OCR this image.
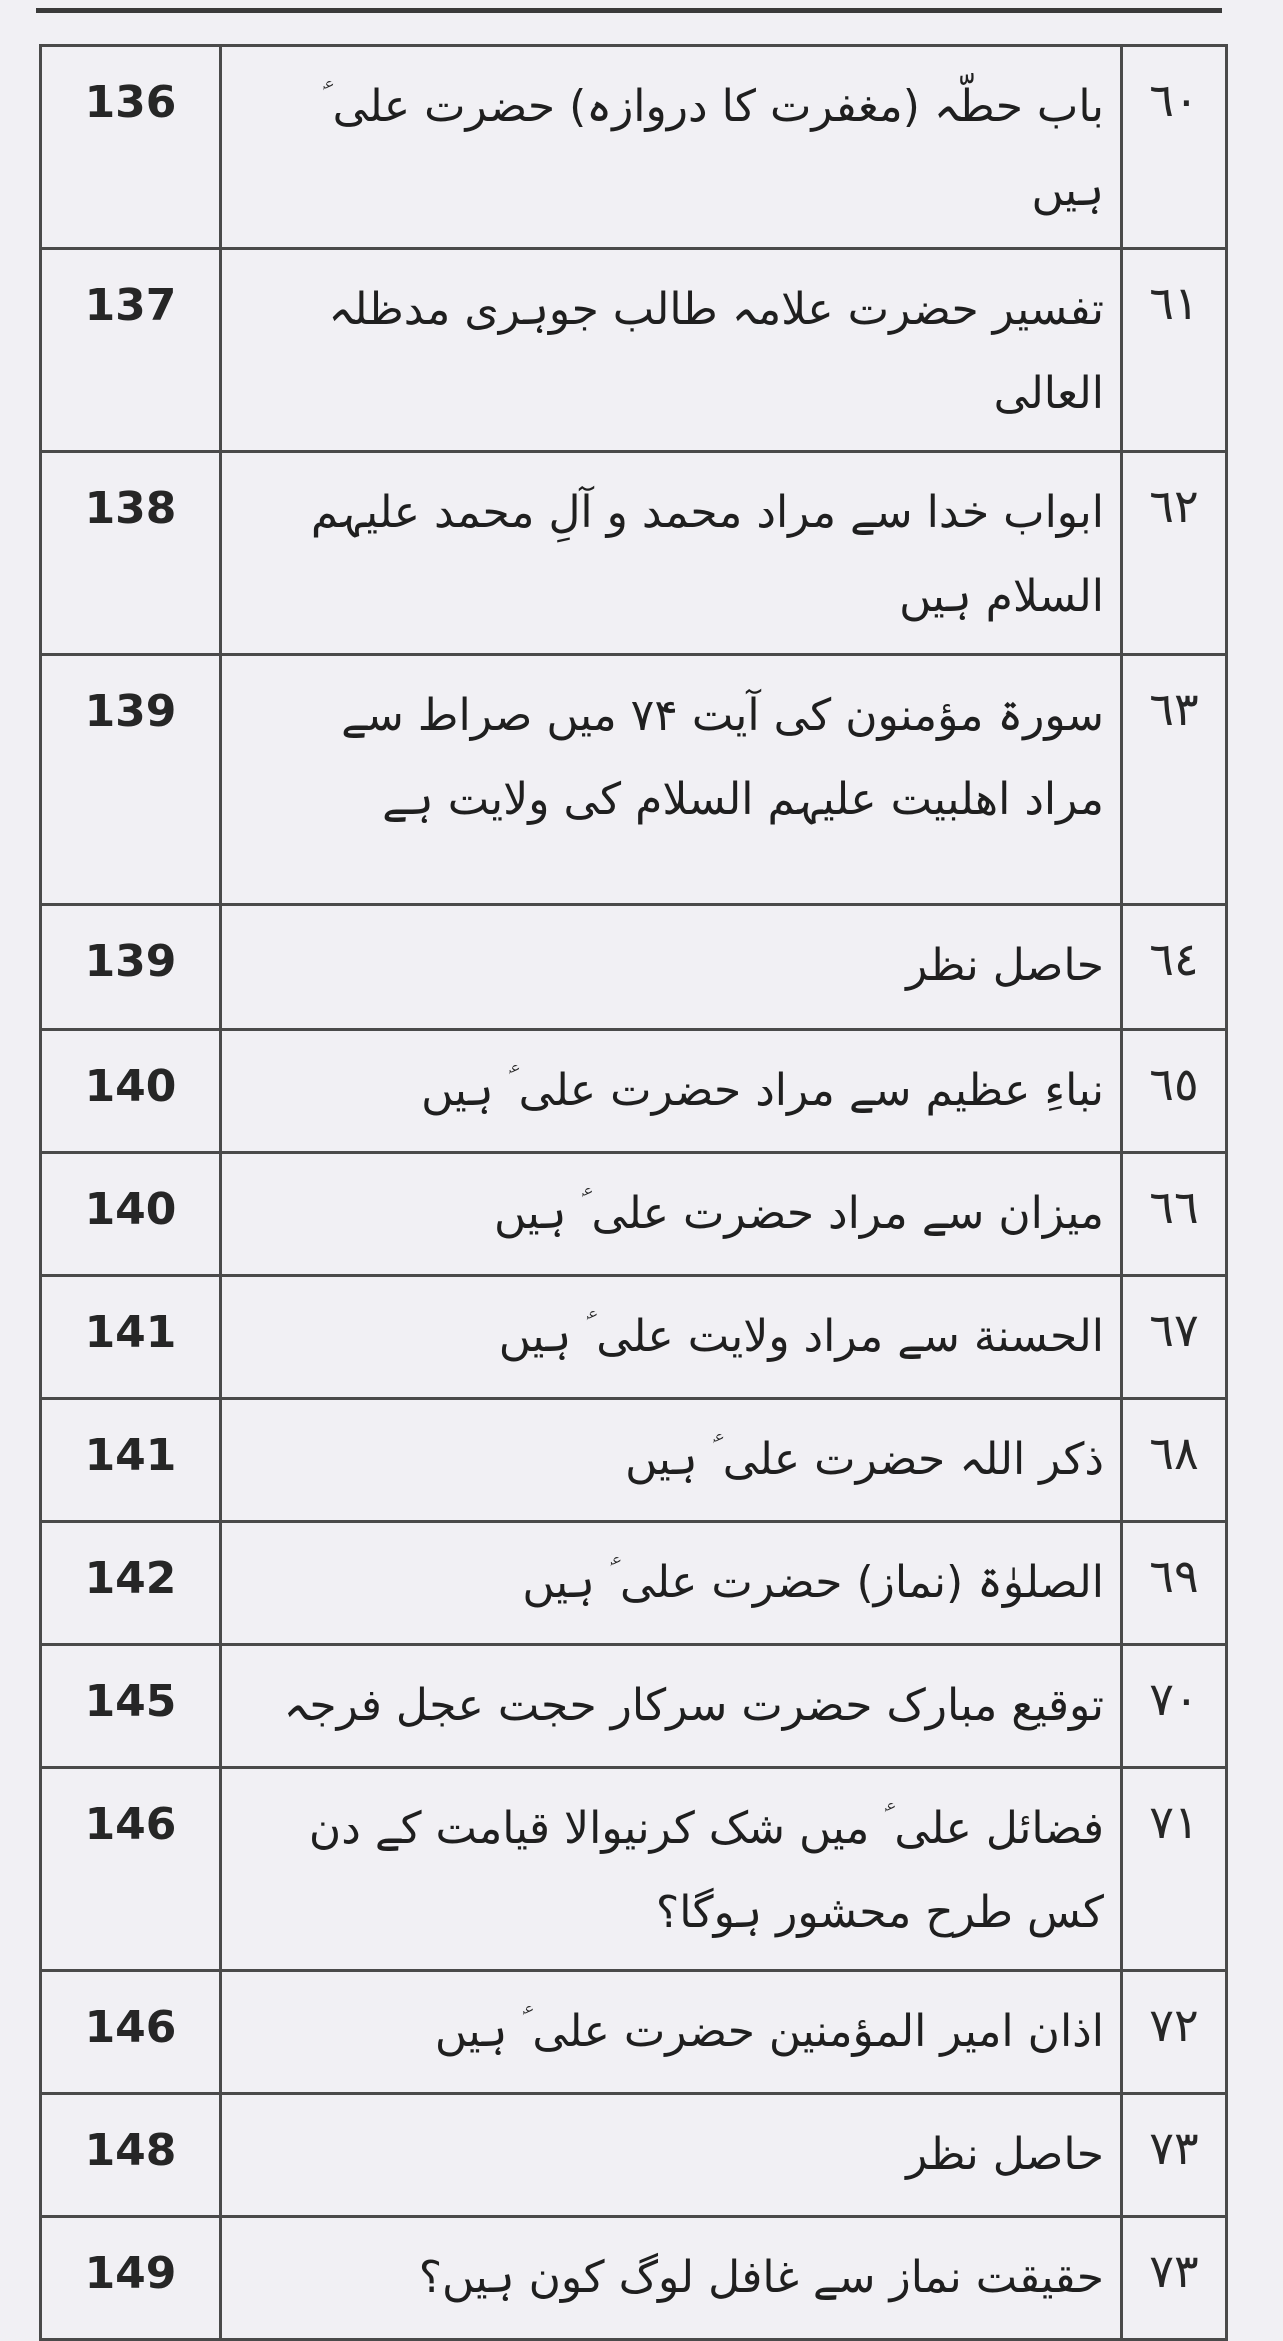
136	باب حطّہ (مغفرت کا دروازہ) حضرت علی ؑ ہیں	٦٠
137	تفسیر حضرت علامہ طالب جوہری مدظلہ العالی	٦١
138	ابواب خدا سے مراد محمد و آلِ محمد علیہم السلام ہیں	٦٢
139	سورۃ مؤمنون کی آیت ۷۴ میں صراط سے مراد اھلبیت علیہم السلام کی ولایت ہے	٦٣
139	حاصل نظر	٦٤
140	نباءِ عظیم سے مراد حضرت علی ؑ ہیں	٦٥
140	میزان سے مراد حضرت علی ؑ ہیں	٦٦
141	الحسنة سے مراد ولایت علی ؑ ہیں	٦٧
141	ذکر اللہ حضرت علی ؑ ہیں	٦٨
142	الصلوٰۃ (نماز) حضرت علی ؑ ہیں	٦٩
145	توقیع مبارک حضرت سرکار حجت عجل فرجہ	٧٠
146	فضائل علی ؑ میں شک کرنیوالا قیامت کے دن کس طرح محشور ہوگا؟	۷۱
146	اذان امیر المؤمنین حضرت علی ؑ ہیں	۷۲
148	حاصل نظر	۷۳
149	حقیقت نماز سے غافل لوگ کون ہیں؟	۷۳
